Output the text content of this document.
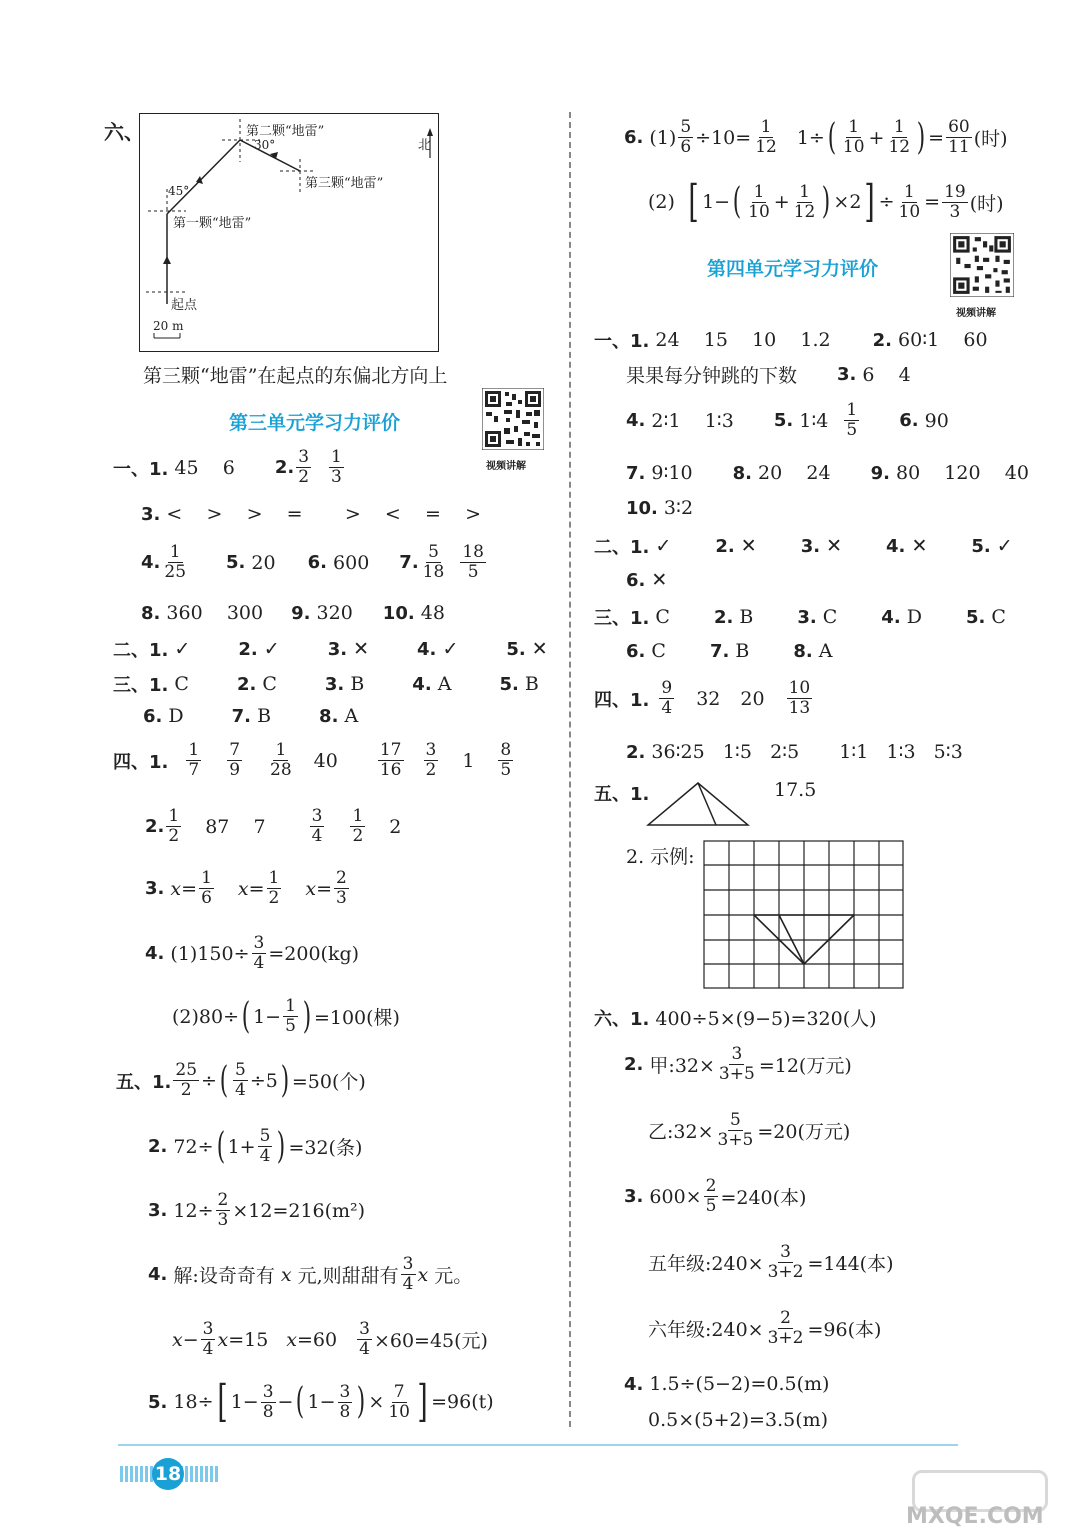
六、	第二颗“地雷”
30°
第三颗“地雷”
45°
第一颗“地雷”
起点
北
20 m
第三颗“地雷”在起点的东偏北方向上
第三单元学习力评价
视频讲解
一、1. 45    6 2. $\frac{3}{2} \frac{1}{3}$
3. <    >    >    =       >    <    =    >
4. $\frac{1}{25} 5$. 20 6. 600 7. $\frac{5}{18} \frac{18}{5}$
8. 360    300 9. 320 10. 48
二、1. ✓	2. ✓	3. ✕	4. ✓	5. ✕
三、1. C	2. C	3. B	4. A	5. B
6. D	7. B	8. A
四、1. $\frac{1}{7} \frac{7}{9} \frac{1}{28} 40 \frac{17}{16} \frac{3}{2} 1 \frac{8}{5}$
2. $\frac{1}{2} 87$    7	$\frac{3}{4} \frac{1}{2} 2$
3.
$x = \frac{1}{6}$ $x = \frac{1}{2}$ $x = \frac{2}{3}$
4. $(1)150\div \frac{3}{4} =200(kg)$
(2)80÷ ( $1- \frac{1}{5}$ ) =100(棵)
五、1. $\frac{25}{2}$ ÷ ( $\frac{5}{4} \div 5$ ) =50(个)
2. 72÷ ( $1+ \frac{5}{4}$ ) =32(条)
3. $12\div \frac{2}{3} \times 12=216(m^2)$
4. 解:设奇奇有 x 元,则甜甜有 $\frac{3}{4}$ x 元。
$x - \frac{3}{4}$ x =15 $x =60 \frac{3}{4} \times 60=45$(元)
5. 18÷ [ $1- \frac{3}{8}$ − ( $1- \frac{3}{8}$ ) × $\frac{7}{10}$ ] =96(t)
6. $(1) \frac{5}{6} \div 10= \frac{1}{12} 1\div$ ( $\frac{1}{10} + \frac{1}{12}$ ) = $\frac{60}{11}$ (时)
(2) [ 1− ( $\frac{1}{10} + \frac{1}{12}$ ) ×2 ] ÷ $\frac{1}{10} = \frac{19}{3}$ (时)
第四单元学习力评价
视频讲解
一、1. 24    15    10    1.2 2. 60∶1    60
果果每分钟跳的下数 3. 6    4
4. 2∶1    1∶3 5. 1∶4 $\frac{1}{5} 6$. 90
7. 9∶10 8. 20    24 9. 80    120    40
10. 3∶2
二、1. ✓ 2. ✕ 3. ✕ 4. ✕ 5. ✓
6. ✕
三、1. C 2. B 3. C 4. D 5. C
6. C 7. B 8. A
四、1. $\frac{9}{4} 32$ $20 \frac{10}{13}$
2. 36∶25   1∶5   2∶5 1∶1   1∶3   5∶3
五、1.	17.5
2. 示例:
六、1. 400÷5×(9−5)=320(人)
2. 甲:32× $\frac{3}{3+5} =12$(万元)
乙:32× $\frac{5}{3+5} =20$(万元)
3. $600\times \frac{2}{5} =240$(本)
五年级:240× $\frac{3}{3+2} =144$(本)
六年级:240× $\frac{2}{3+2} =96$(本)
4. 1.5÷(5−2)=0.5(m)
0.5×(5+2)=3.5(m)
18
MXQE.COM
